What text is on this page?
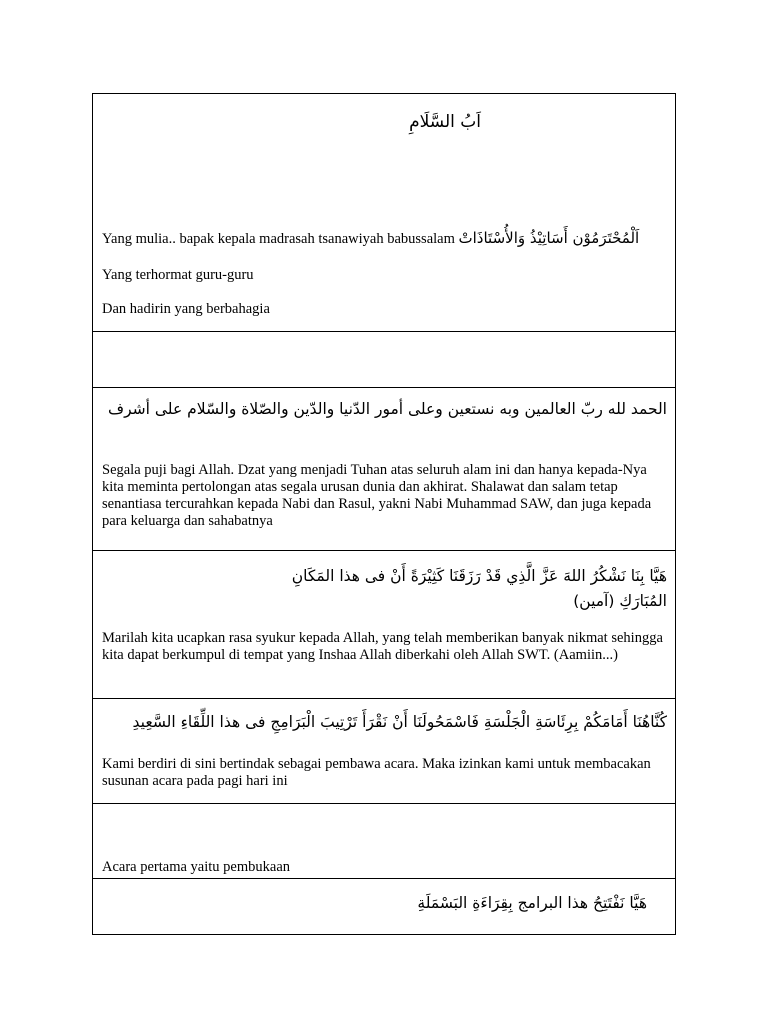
اَبُ السَّلَامِ
Yang mulia.. bapak kepala madrasah tsanawiyah babussalam اَلْمُحْتَرَمُوْن أَسَاتِيْذُ وَالأُسْتَاذَاتْ
Yang terhormat guru-guru
Dan hadirin yang berbahagia
الحمد لله ربّ العالمين وبه نستعين وعلى أمور الدّنيا والدّين والصّلاة والسّلام على أشرف
Segala puji bagi Allah. Dzat yang menjadi Tuhan atas seluruh alam ini dan hanya kepada-Nya kita meminta pertolongan atas segala urusan dunia dan akhirat. Shalawat dan salam tetap senantiasa tercurahkan kepada Nabi dan Rasul, yakni Nabi Muhammad SAW, dan juga kepada para keluarga dan sahabatnya
هَيَّا بِنَا نَشْكُرُ اللهَ عَزَّ الَّذِي قَدْ رَزَقَنَا كَثِيْرَةً أَنْ فى هذا المَكَانِ
المُبَارَكِ (آمين)
Marilah kita ucapkan rasa syukur kepada Allah, yang telah memberikan banyak nikmat sehingga kita dapat berkumpul di tempat yang Inshaa Allah diberkahi oleh Allah SWT. (Aamiin...)
كُنَّاهُنَا أَمَامَكُمْ بِرِئَاسَةِ الْجَلْسَةِ فَاسْمَحُولَنَا أَنْ نَقْرَأَ تَرْتِيبَ الْبَرَامِجِ فى هذا اللِّقَاءِ السَّعِيدِ
Kami berdiri di sini bertindak sebagai pembawa acara. Maka izinkan kami untuk membacakan susunan acara pada pagi hari ini
Acara pertama yaitu pembukaan
هَيَّا نَفْتَتِحُ هذا البرامج بِقِرَاءَةِ البَسْمَلَةِ
